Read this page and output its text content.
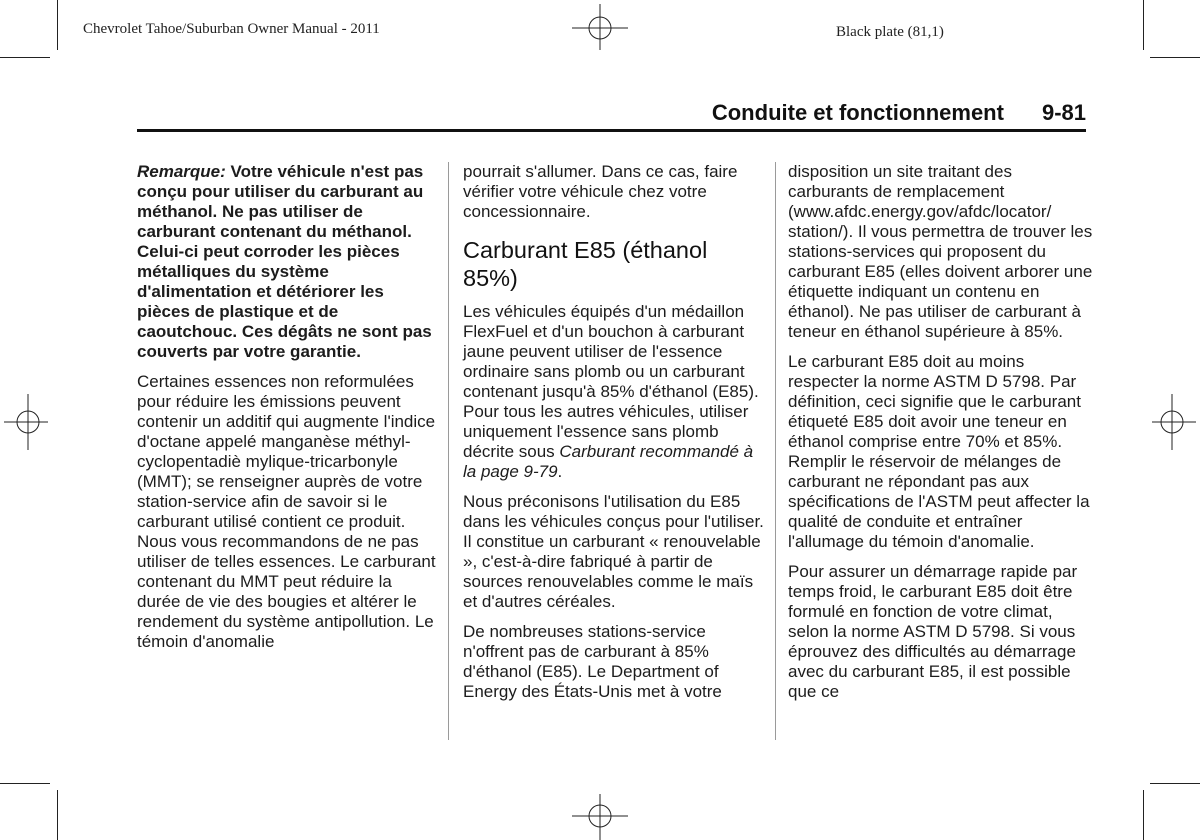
Chevrolet Tahoe/Suburban Owner Manual - 2011	Black plate (81,1)
Conduite et fonctionnement 9-81

Remarque: Votre véhicule n'est pas conçu pour utiliser du carburant au méthanol. Ne pas utiliser de carburant contenant du méthanol. Celui-ci peut corroder les pièces métalliques du système d'alimentation et détériorer les pièces de plastique et de caoutchouc. Ces dégâts ne sont pas couverts par votre garantie.

Certaines essences non reformulées pour réduire les émissions peuvent contenir un additif qui augmente l'indice d'octane appelé manganèse méthyl-cyclopentadiè mylique-tricarbonyle (MMT); se renseigner auprès de votre station-service afin de savoir si le carburant utilisé contient ce produit. Nous vous recommandons de ne pas utiliser de telles essences. Le carburant contenant du MMT peut réduire la durée de vie des bougies et altérer le rendement du système antipollution. Le témoin d'anomalie

pourrait s'allumer. Dans ce cas, faire vérifier votre véhicule chez votre concessionnaire.

Carburant E85 (éthanol 85%)

Les véhicules équipés d'un médaillon FlexFuel et d'un bouchon à carburant jaune peuvent utiliser de l'essence ordinaire sans plomb ou un carburant contenant jusqu'à 85% d'éthanol (E85). Pour tous les autres véhicules, utiliser uniquement l'essence sans plomb décrite sous Carburant recommandé à la page 9-79.

Nous préconisons l'utilisation du E85 dans les véhicules conçus pour l'utiliser. Il constitue un carburant « renouvelable », c'est-à-dire fabriqué à partir de sources renouvelables comme le maïs et d'autres céréales.

De nombreuses stations-service n'offrent pas de carburant à 85% d'éthanol (E85). Le Department of Energy des États-Unis met à votre

disposition un site traitant des carburants de remplacement (www.afdc.energy.gov/afdc/locator/ station/). Il vous permettra de trouver les stations-services qui proposent du carburant E85 (elles doivent arborer une étiquette indiquant un contenu en éthanol). Ne pas utiliser de carburant à teneur en éthanol supérieure à 85%.

Le carburant E85 doit au moins respecter la norme ASTM D 5798. Par définition, ceci signifie que le carburant étiqueté E85 doit avoir une teneur en éthanol comprise entre 70% et 85%. Remplir le réservoir de mélanges de carburant ne répondant pas aux spécifications de l'ASTM peut affecter la qualité de conduite et entraîner l'allumage du témoin d'anomalie.

Pour assurer un démarrage rapide par temps froid, le carburant E85 doit être formulé en fonction de votre climat, selon la norme ASTM D 5798. Si vous éprouvez des difficultés au démarrage avec du carburant E85, il est possible que ce
